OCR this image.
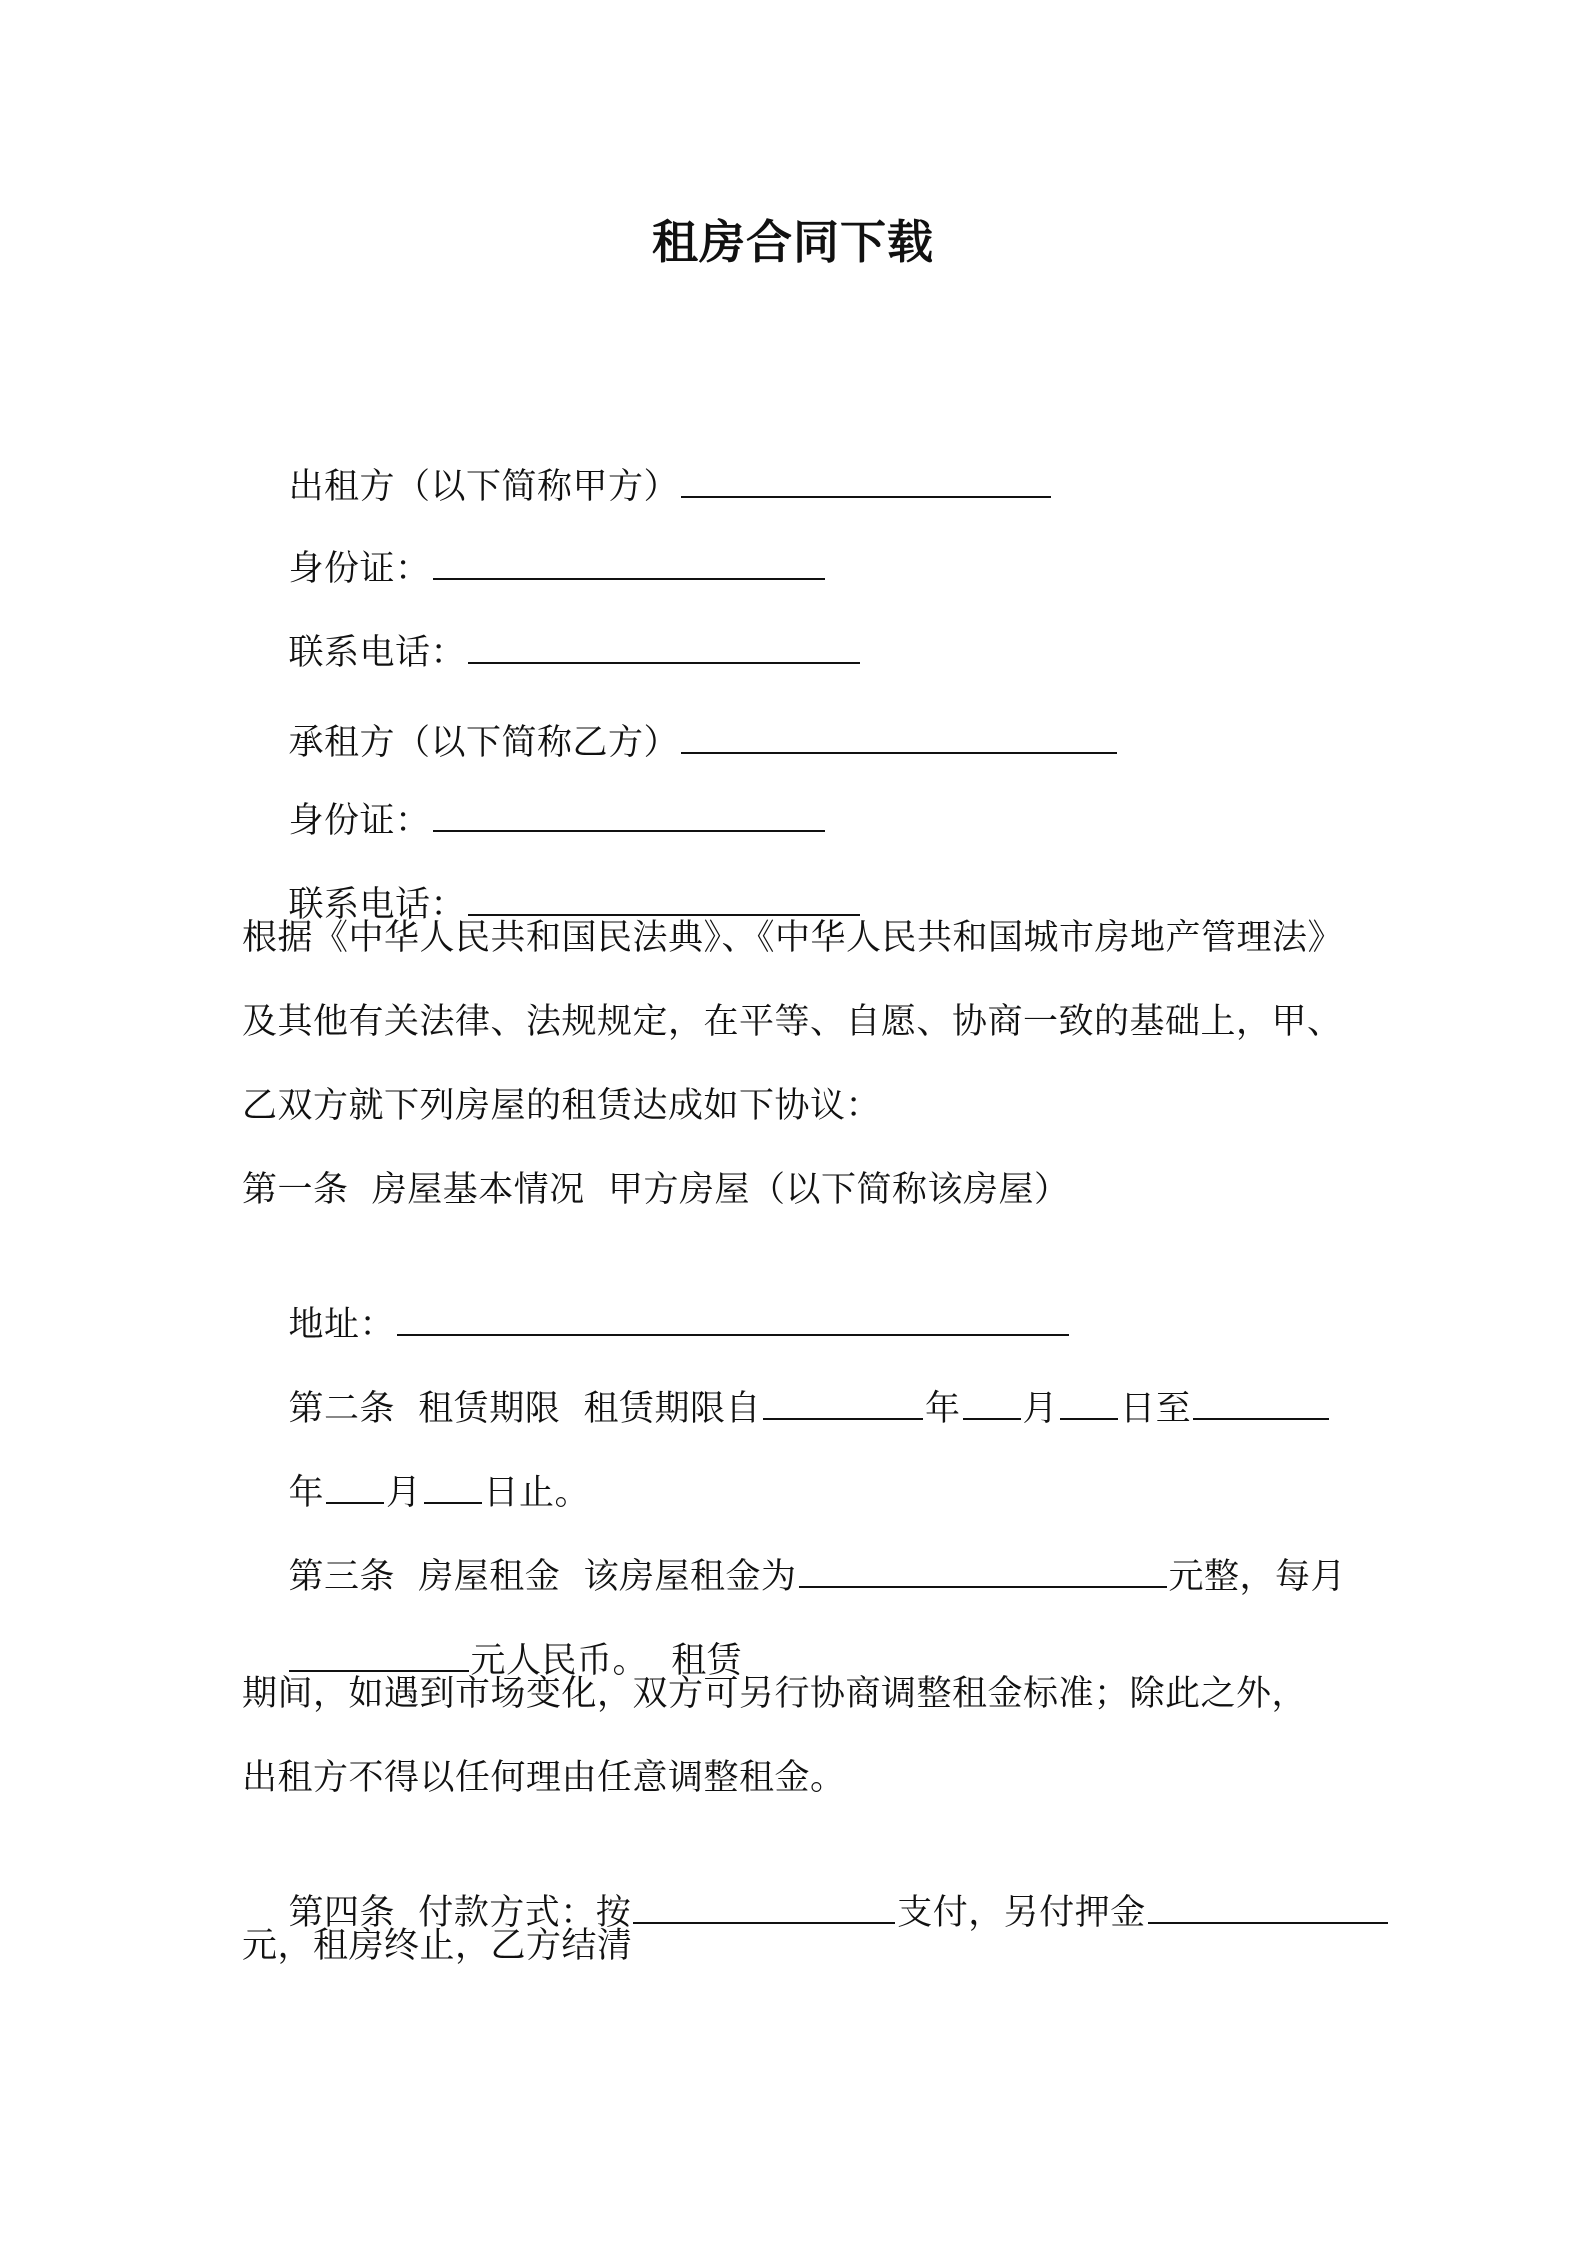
租房合同下载

出租方（以下简称甲方）

身份证：

联系电话：

承租方（以下简称乙方）

身份证：

联系电话：

根据《中华人民共和国民法典》、《中华人民共和国城市房地产管理法》
及其他有关法律、法规规定，在平等、自愿、协商一致的基础上，甲、
乙双方就下列房屋的租赁达成如下协议：
第一条  房屋基本情况  甲方房屋（以下简称该房屋）

地址：

第二条  租赁期限  租赁期限自	年 月 日至

年 月 日止。

第三条  房屋租金  该房屋租金为	元整，每月

元人民币。  租赁

期间，如遇到市场变化，双方可另行协商调整租金标准；除此之外，
出租方不得以任何理由任意调整租金。

第四条  付款方式：按	支付，另付押金

元，租房终止，乙方结清
